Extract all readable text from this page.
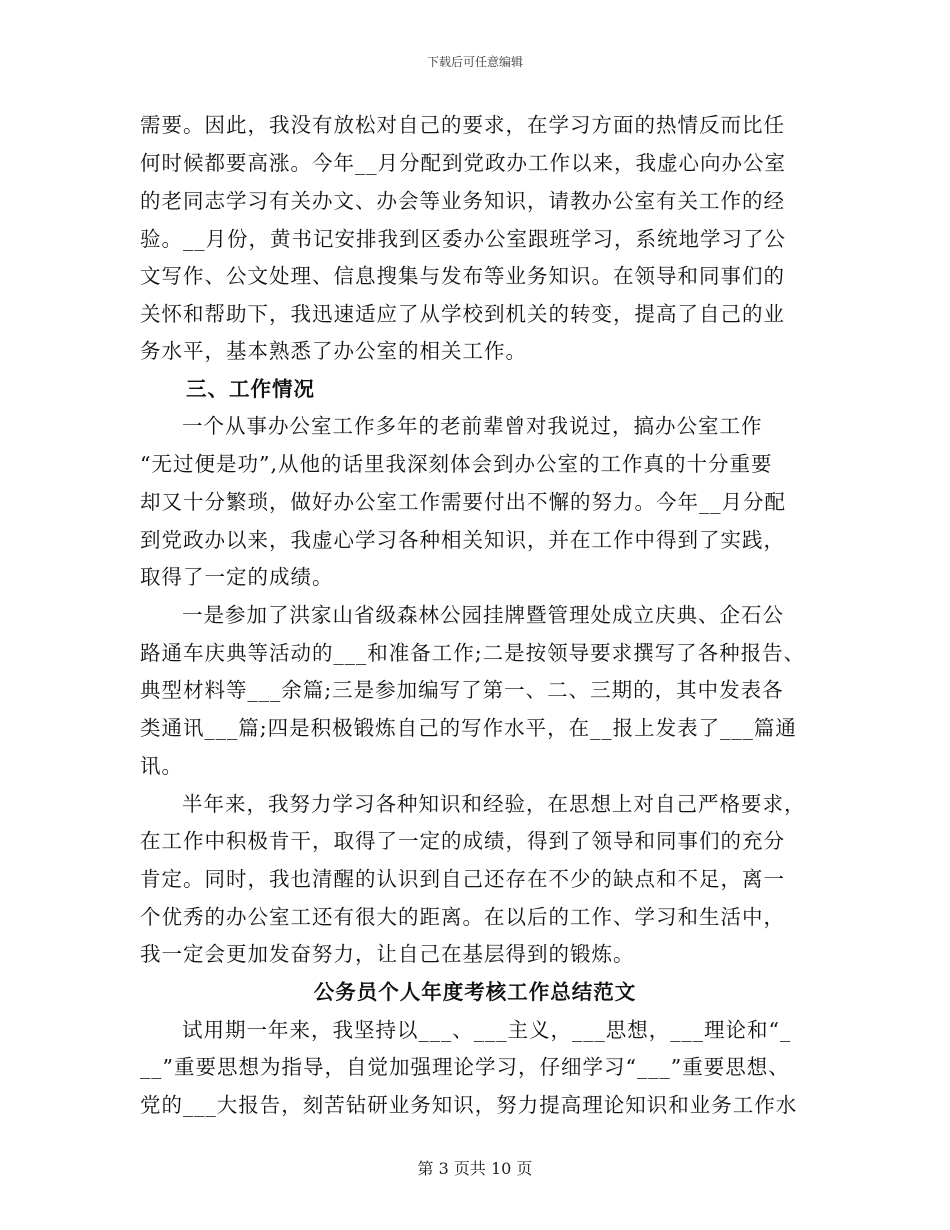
下载后可任意编辑
需要。因此，我没有放松对自己的要求，在学习方面的热情反而比任
何时候都要高涨。今年__月分配到党政办工作以来，我虚心向办公室
的老同志学习有关办文、办会等业务知识，请教办公室有关工作的经
验。__月份，黄书记安排我到区委办公室跟班学习，系统地学习了公
文写作、公文处理、信息搜集与发布等业务知识。在领导和同事们的
关怀和帮助下，我迅速适应了从学校到机关的转变，提高了自己的业
务水平，基本熟悉了办公室的相关工作。
三、工作情况
一个从事办公室工作多年的老前辈曾对我说过，搞办公室工作
“无过便是功”,从他的话里我深刻体会到办公室的工作真的十分重要
却又十分繁琐，做好办公室工作需要付出不懈的努力。今年__月分配
到党政办以来，我虚心学习各种相关知识，并在工作中得到了实践，
取得了一定的成绩。
一是参加了洪家山省级森林公园挂牌暨管理处成立庆典、企石公
路通车庆典等活动的___和准备工作;二是按领导要求撰写了各种报告、
典型材料等___余篇;三是参加编写了第一、二、三期的，其中发表各
类通讯___篇;四是积极锻炼自己的写作水平，在__报上发表了___篇通
讯。
半年来，我努力学习各种知识和经验，在思想上对自己严格要求，
在工作中积极肯干，取得了一定的成绩，得到了领导和同事们的充分
肯定。同时，我也清醒的认识到自己还存在不少的缺点和不足，离一
个优秀的办公室工还有很大的距离。在以后的工作、学习和生活中，
我一定会更加发奋努力，让自己在基层得到的锻炼。
公务员个人年度考核工作总结范文
试用期一年来，我坚持以___、___主义，___思想，___理论和“_
__”重要思想为指导，自觉加强理论学习，仔细学习“___”重要思想、
党的___大报告，刻苦钻研业务知识，努力提高理论知识和业务工作水
第 3 页共 10 页
